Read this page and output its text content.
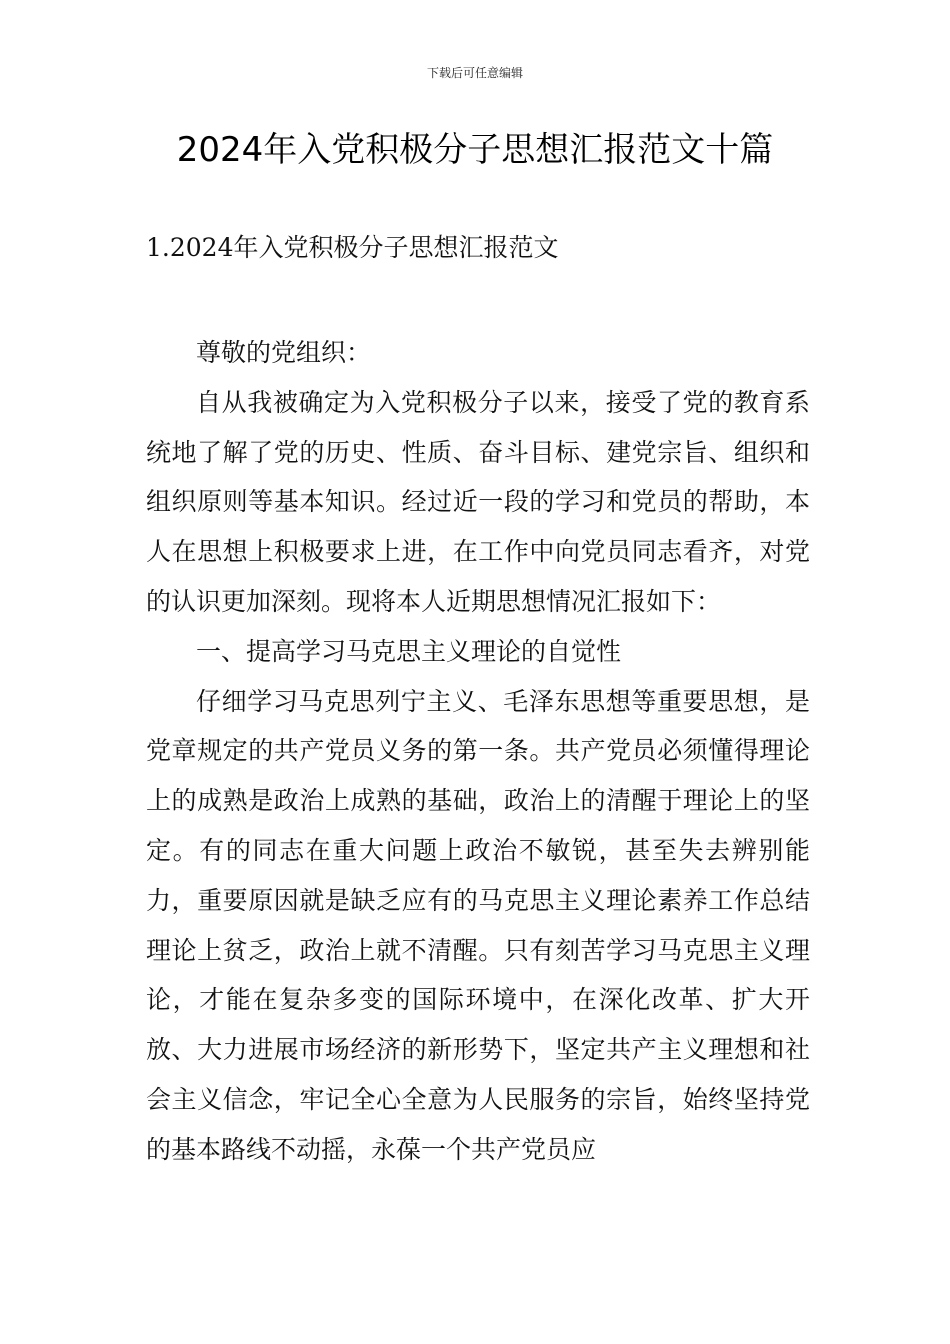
下载后可任意编辑
2024年入党积极分子思想汇报范文十篇
1.2024年入党积极分子思想汇报范文

尊敬的党组织：

自从我被确定为入党积极分子以来，接受了党的教育系统地了解了党的历史、性质、奋斗目标、建党宗旨、组织和组织原则等基本知识。经过近一段的学习和党员的帮助，本人在思想上积极要求上进，在工作中向党员同志看齐，对党的认识更加深刻。现将本人近期思想情况汇报如下：

一、提高学习马克思主义理论的自觉性

仔细学习马克思列宁主义、毛泽东思想等重要思想，是党章规定的共产党员义务的第一条。共产党员必须懂得理论上的成熟是政治上成熟的基础，政治上的清醒于理论上的坚定。有的同志在重大问题上政治不敏锐，甚至失去辨别能力，重要原因就是缺乏应有的马克思主义理论素养工作总结理论上贫乏，政治上就不清醒。只有刻苦学习马克思主义理论，才能在复杂多变的国际环境中，在深化改革、扩大开放、大力进展市场经济的新形势下，坚定共产主义理想和社会主义信念，牢记全心全意为人民服务的宗旨，始终坚持党的基本路线不动摇，永葆一个共产党员应
